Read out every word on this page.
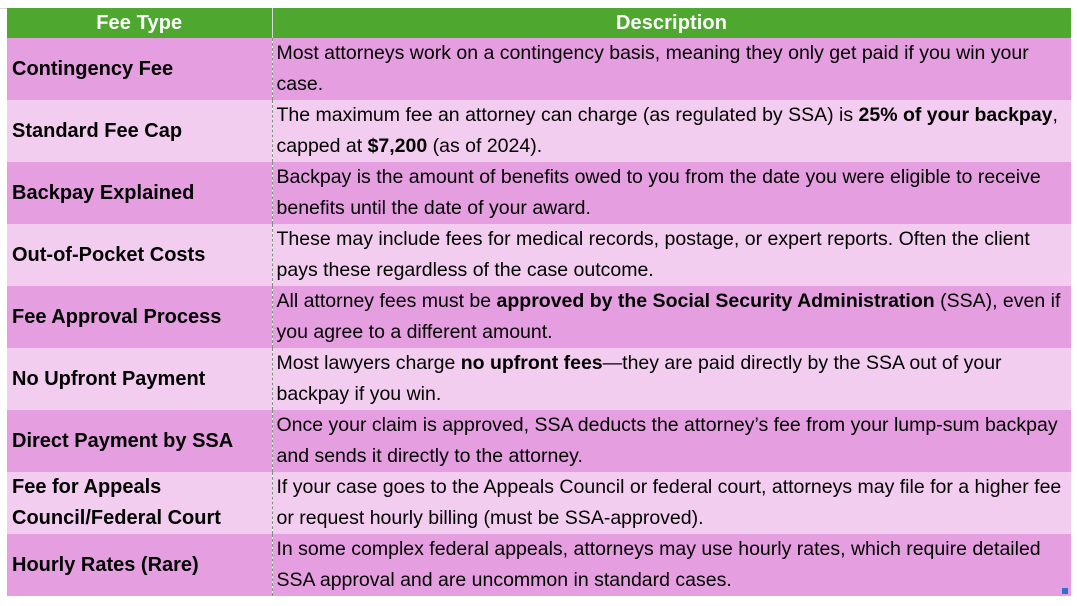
Fee Type	Description
Contingency Fee	Most attorneys work on a contingency basis, meaning they only get paid if you win your case.
Standard Fee Cap	The maximum fee an attorney can charge (as regulated by SSA) is 25% of your backpay, capped at $7,200 (as of 2024).
Backpay Explained	Backpay is the amount of benefits owed to you from the date you were eligible to receive benefits until the date of your award.
Out-of-Pocket Costs	These may include fees for medical records, postage, or expert reports. Often the client pays these regardless of the case outcome.
Fee Approval Process	All attorney fees must be approved by the Social Security Administration (SSA), even if you agree to a different amount.
No Upfront Payment	Most lawyers charge no upfront fees—they are paid directly by the SSA out of your backpay if you win.
Direct Payment by SSA	Once your claim is approved, SSA deducts the attorney’s fee from your lump-sum backpay and sends it directly to the attorney.
Fee for Appeals Council/Federal Court	If your case goes to the Appeals Council or federal court, attorneys may file for a higher fee or request hourly billing (must be SSA-approved).
Hourly Rates (Rare)	In some complex federal appeals, attorneys may use hourly rates, which require detailed SSA approval and are uncommon in standard cases.
